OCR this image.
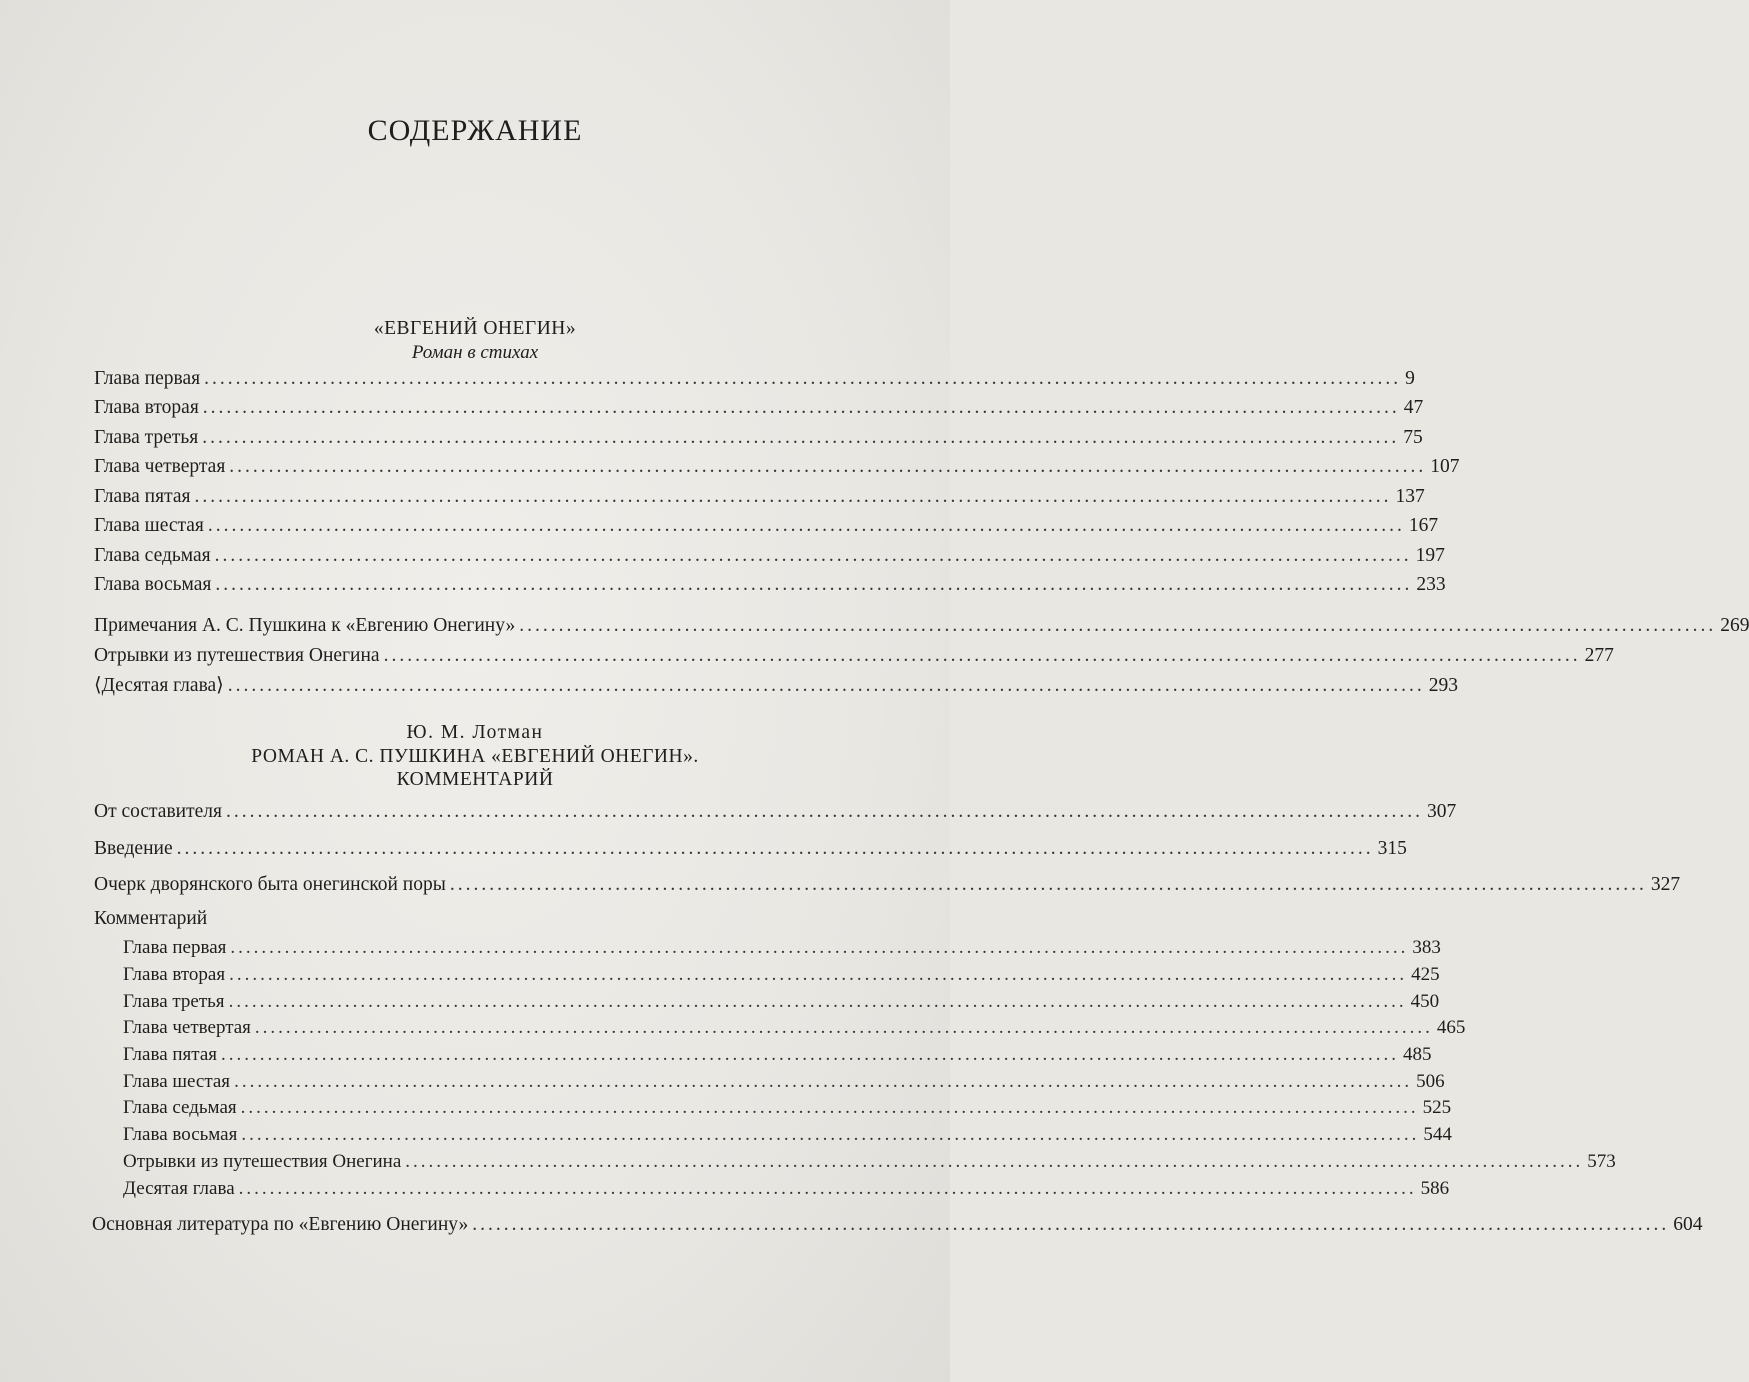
СОДЕРЖАНИЕ
«ЕВГЕНИЙ ОНЕГИН»
Роман в стихах
Глава первая ........................................................................................................................................................ 9
Глава вторая ........................................................................................................................................................ 47
Глава третья ........................................................................................................................................................ 75
Глава четвертая ........................................................................................................................................................ 107
Глава пятая ........................................................................................................................................................ 137
Глава шестая ........................................................................................................................................................ 167
Глава седьмая ........................................................................................................................................................ 197
Глава восьмая ........................................................................................................................................................ 233
Примечания А. С. Пушкина к «Евгению Онегину» ........................................................................................................................................................ 269
Отрывки из путешествия Онегина ........................................................................................................................................................ 277
⟨Десятая глава⟩ ........................................................................................................................................................ 293
Ю. М. Лотман
РОМАН А. С. ПУШКИНА «ЕВГЕНИЙ ОНЕГИН».
КОММЕНТАРИЙ
От составителя ........................................................................................................................................................ 307
Введение ........................................................................................................................................................ 315
Очерк дворянского быта онегинской поры ........................................................................................................................................................ 327
Комментарий
Глава первая ........................................................................................................................................................ 383
Глава вторая ........................................................................................................................................................ 425
Глава третья ........................................................................................................................................................ 450
Глава четвертая ........................................................................................................................................................ 465
Глава пятая ........................................................................................................................................................ 485
Глава шестая ........................................................................................................................................................ 506
Глава седьмая ........................................................................................................................................................ 525
Глава восьмая ........................................................................................................................................................ 544
Отрывки из путешествия Онегина ........................................................................................................................................................ 573
Десятая глава ........................................................................................................................................................ 586
Основная литература по «Евгению Онегину» ........................................................................................................................................................ 604
